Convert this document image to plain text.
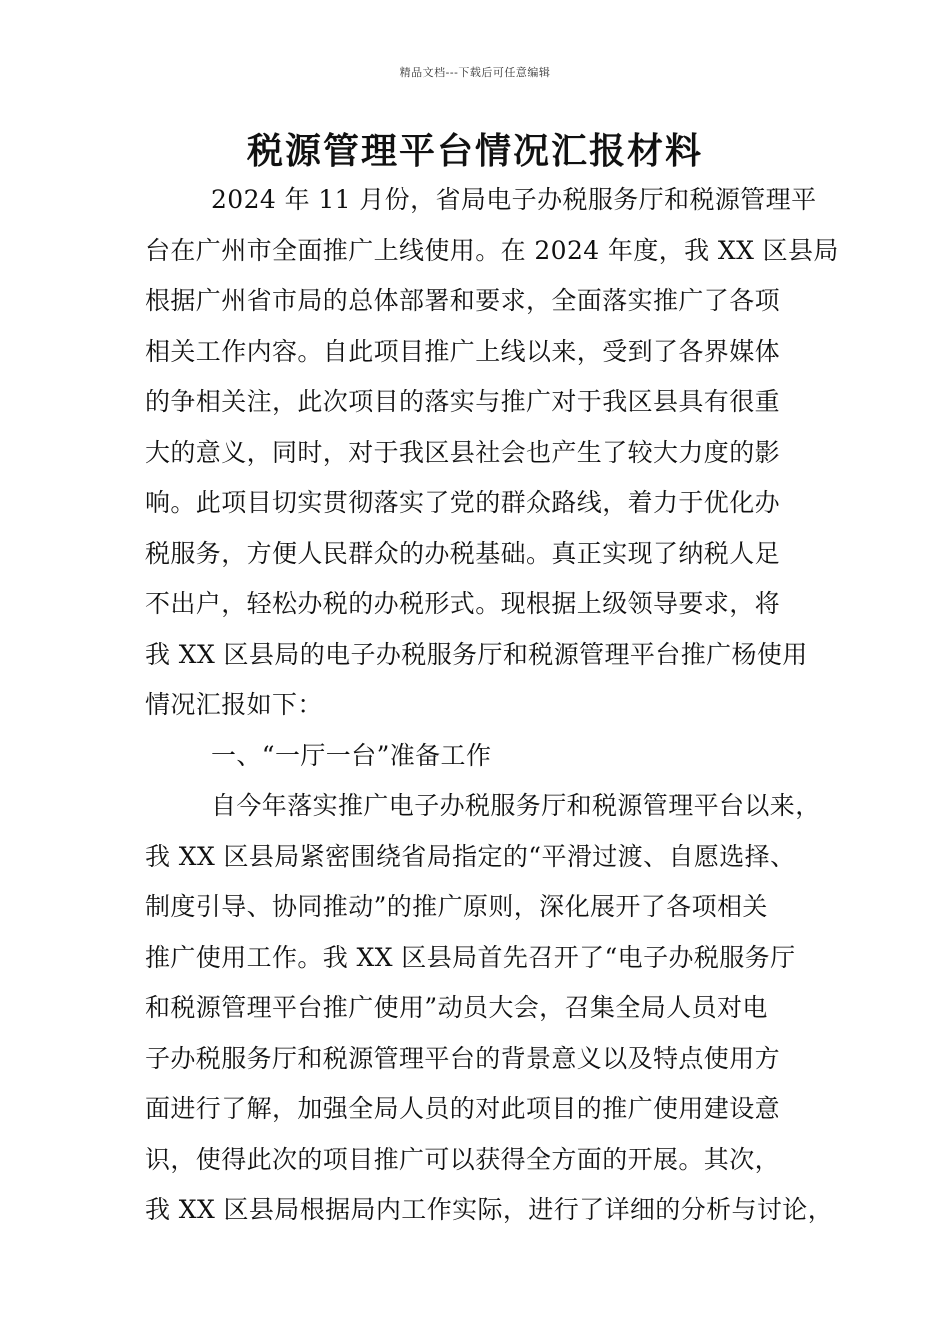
精品文档---下载后可任意编辑
税源管理平台情况汇报材料
2024 年 11 月份，省局电子办税服务厅和税源管理平
台在广州市全面推广上线使用。在 2024 年度，我 XX 区县局
根据广州省市局的总体部署和要求，全面落实推广了各项
相关工作内容。自此项目推广上线以来，受到了各界媒体
的争相关注，此次项目的落实与推广对于我区县具有很重
大的意义，同时，对于我区县社会也产生了较大力度的影
响。此项目切实贯彻落实了党的群众路线，着力于优化办
税服务，方便人民群众的办税基础。真正实现了纳税人足
不出户，轻松办税的办税形式。现根据上级领导要求，将
我 XX 区县局的电子办税服务厅和税源管理平台推广杨使用
情况汇报如下：
一、“一厅一台”准备工作
自今年落实推广电子办税服务厅和税源管理平台以来，
我 XX 区县局紧密围绕省局指定的“平滑过渡、自愿选择、
制度引导、协同推动”的推广原则，深化展开了各项相关
推广使用工作。我 XX 区县局首先召开了“电子办税服务厅
和税源管理平台推广使用”动员大会，召集全局人员对电
子办税服务厅和税源管理平台的背景意义以及特点使用方
面进行了解，加强全局人员的对此项目的推广使用建设意
识，使得此次的项目推广可以获得全方面的开展。其次，
我 XX 区县局根据局内工作实际，进行了详细的分析与讨论，
